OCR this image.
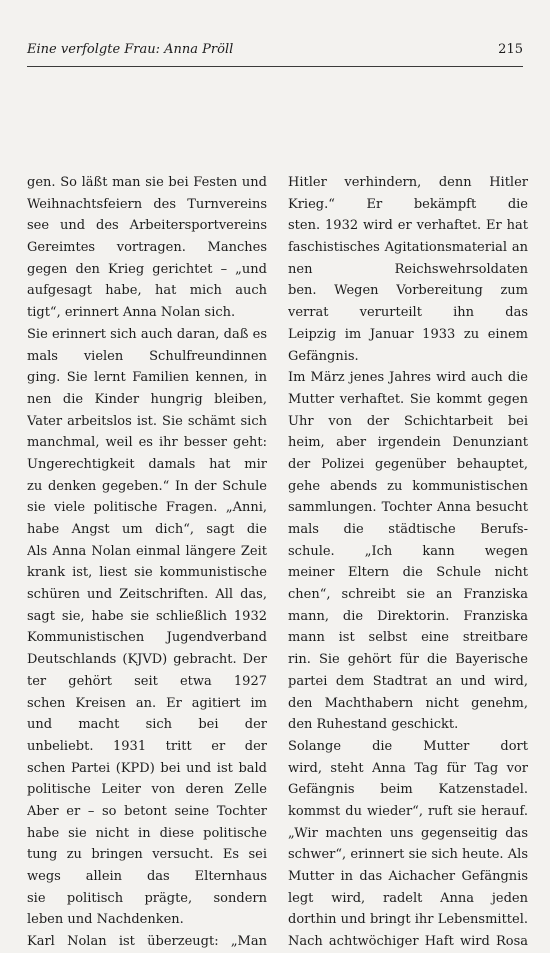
Eine verfolgte Frau: Anna Pröll	215
gen. So läßt man sie bei Festen und
Weihnachtsfeiern des Turnvereins
see und des Arbeitersportvereins
Gereimtes vortragen. Manches
gegen den Krieg gerichtet – „und
aufgesagt habe, hat mich auch
tigt“, erinnert Anna Nolan sich.
Sie erinnert sich auch daran, daß es
mals vielen Schulfreundinnen
ging. Sie lernt Familien kennen, in
nen die Kinder hungrig bleiben,
Vater arbeitslos ist. Sie schämt sich
manchmal, weil es ihr besser geht:
Ungerechtigkeit damals hat mir
zu denken gegeben.“ In der Schule
sie viele politische Fragen. „Anni,
habe Angst um dich“, sagt die
Als Anna Nolan einmal längere Zeit
krank ist, liest sie kommunistische
schüren und Zeitschriften. All das,
sagt sie, habe sie schließlich 1932
Kommunistischen Jugendverband
Deutschlands (KJVD) gebracht. Der
ter gehört seit etwa 1927
schen Kreisen an. Er agitiert im
und macht sich bei der
unbeliebt. 1931 tritt er der
schen Partei (KPD) bei und ist bald
politische Leiter von deren Zelle
Aber er – so betont seine Tochter
habe sie nicht in diese politische
tung zu bringen versucht. Es sei
wegs allein das Elternhaus
sie politisch prägte, sondern
leben und Nachdenken.
Karl Nolan ist überzeugt: „Man
Hitler verhindern, denn Hitler
Krieg.“ Er bekämpft die
sten. 1932 wird er verhaftet. Er hat
faschistisches Agitationsmaterial an
nen Reichswehrsoldaten
ben. Wegen Vorbereitung zum
verrat verurteilt ihn das
Leipzig im Januar 1933 zu einem
Gefängnis.
Im März jenes Jahres wird auch die
Mutter verhaftet. Sie kommt gegen
Uhr von der Schichtarbeit bei
heim, aber irgendein Denunziant
der Polizei gegenüber behauptet,
gehe abends zu kommunistischen
sammlungen. Tochter Anna besucht
mals die städtische Berufs-
schule. „Ich kann wegen
meiner Eltern die Schule nicht
chen“, schreibt sie an Franziska
mann, die Direktorin. Franziska
mann ist selbst eine streitbare
rin. Sie gehört für die Bayerische
partei dem Stadtrat an und wird,
den Machthabern nicht genehm,
den Ruhestand geschickt.
Solange die Mutter dort
wird, steht Anna Tag für Tag vor
Gefängnis beim Katzenstadel.
kommst du wieder“, ruft sie herauf.
„Wir machten uns gegenseitig das
schwer“, erinnert sie sich heute. Als
Mutter in das Aichacher Gefängnis
legt wird, radelt Anna jeden
dorthin und bringt ihr Lebensmittel.
Nach achtwöchiger Haft wird Rosa
